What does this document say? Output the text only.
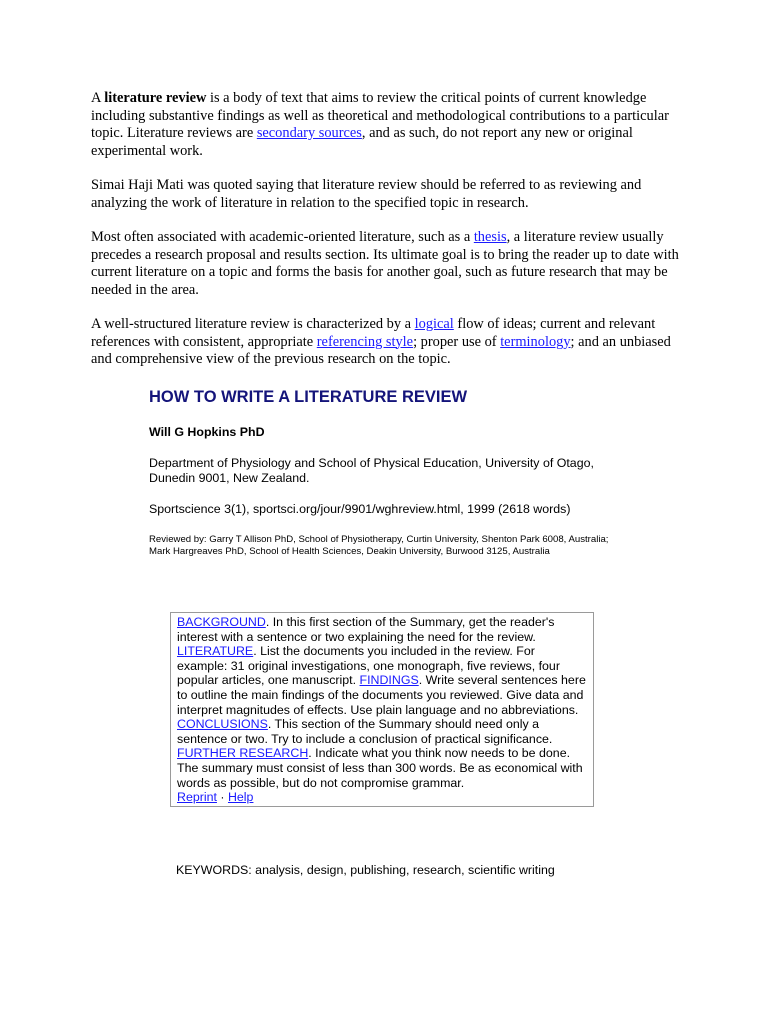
A literature review is a body of text that aims to review the critical points of current knowledge including substantive findings as well as theoretical and methodological contributions to a particular topic. Literature reviews are secondary sources, and as such, do not report any new or original experimental work.

Simai Haji Mati was quoted saying that literature review should be referred to as reviewing and analyzing the work of literature in relation to the specified topic in research.

Most often associated with academic-oriented literature, such as a thesis, a literature review usually precedes a research proposal and results section. Its ultimate goal is to bring the reader up to date with current literature on a topic and forms the basis for another goal, such as future research that may be needed in the area.

A well-structured literature review is characterized by a logical flow of ideas; current and relevant references with consistent, appropriate referencing style; proper use of terminology; and an unbiased and comprehensive view of the previous research on the topic.

HOW TO WRITE A LITERATURE REVIEW
Will G Hopkins PhD
Department of Physiology and School of Physical Education, University of Otago,
Dunedin 9001, New Zealand.
Sportscience 3(1), sportsci.org/jour/9901/wghreview.html, 1999 (2618 words)
Reviewed by: Garry T Allison PhD, School of Physiotherapy, Curtin University, Shenton Park 6008, Australia;
Mark Hargreaves PhD, School of Health Sciences, Deakin University, Burwood 3125, Australia
BACKGROUND. In this first section of the Summary, get the reader's interest with a sentence or two explaining the need for the review. LITERATURE. List the documents you included in the review. For example: 31 original investigations, one monograph, five reviews, four popular articles, one manuscript. FINDINGS. Write several sentences here to outline the main findings of the documents you reviewed. Give data and interpret magnitudes of effects. Use plain language and no abbreviations. CONCLUSIONS. This section of the Summary should need only a sentence or two. Try to include a conclusion of practical significance. FURTHER RESEARCH. Indicate what you think now needs to be done. The summary must consist of less than 300 words. Be as economical with words as possible, but do not compromise grammar.
Reprint · Help
KEYWORDS: analysis, design, publishing, research, scientific writing
